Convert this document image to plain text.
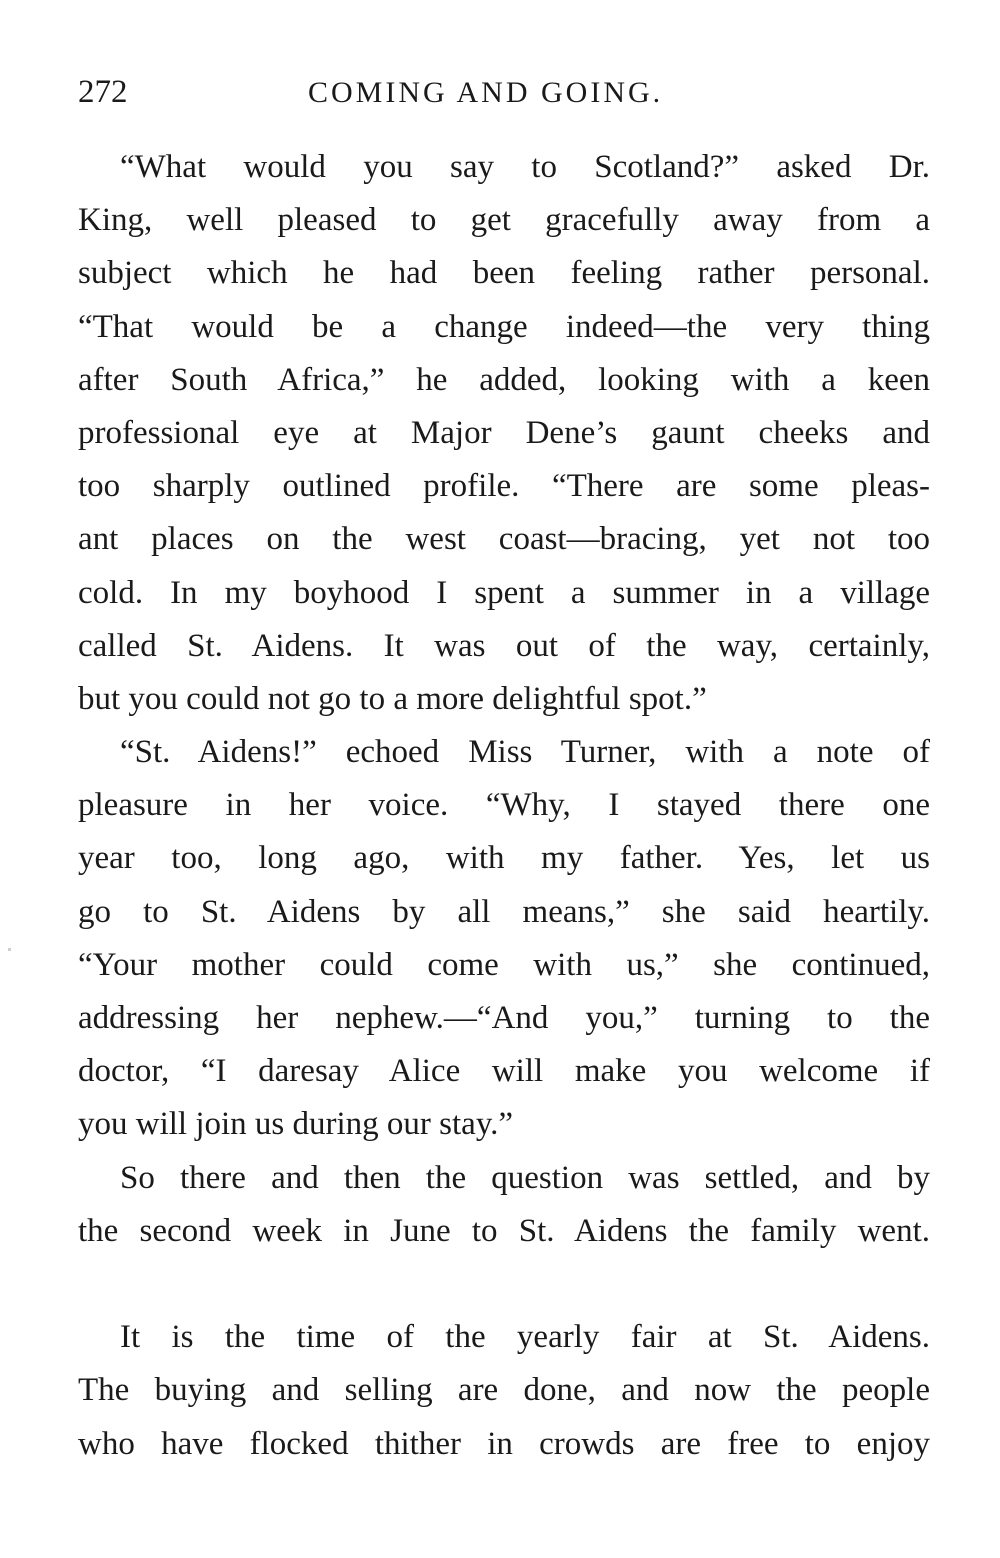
272	COMING AND GOING.
“What would you say to Scotland?” asked Dr.
King, well pleased to get gracefully away from a
subject which he had been feeling rather personal.
“That would be a change indeed—the very thing
after South Africa,” he added, looking with a keen
professional eye at Major Dene’s gaunt cheeks and
too sharply outlined profile. “There are some pleas-
ant places on the west coast—bracing, yet not too
cold. In my boyhood I spent a summer in a village
called St. Aidens. It was out of the way, certainly,
but you could not go to a more delightful spot.”
“St. Aidens!” echoed Miss Turner, with a note of
pleasure in her voice. “Why, I stayed there one
year too, long ago, with my father. Yes, let us
go to St. Aidens by all means,” she said heartily.
“Your mother could come with us,” she continued,
addressing her nephew.—“And you,” turning to the
doctor, “I daresay Alice will make you welcome if
you will join us during our stay.”
So there and then the question was settled, and by
the second week in June to St. Aidens the family went.
It is the time of the yearly fair at St. Aidens.
The buying and selling are done, and now the people
who have flocked thither in crowds are free to enjoy
